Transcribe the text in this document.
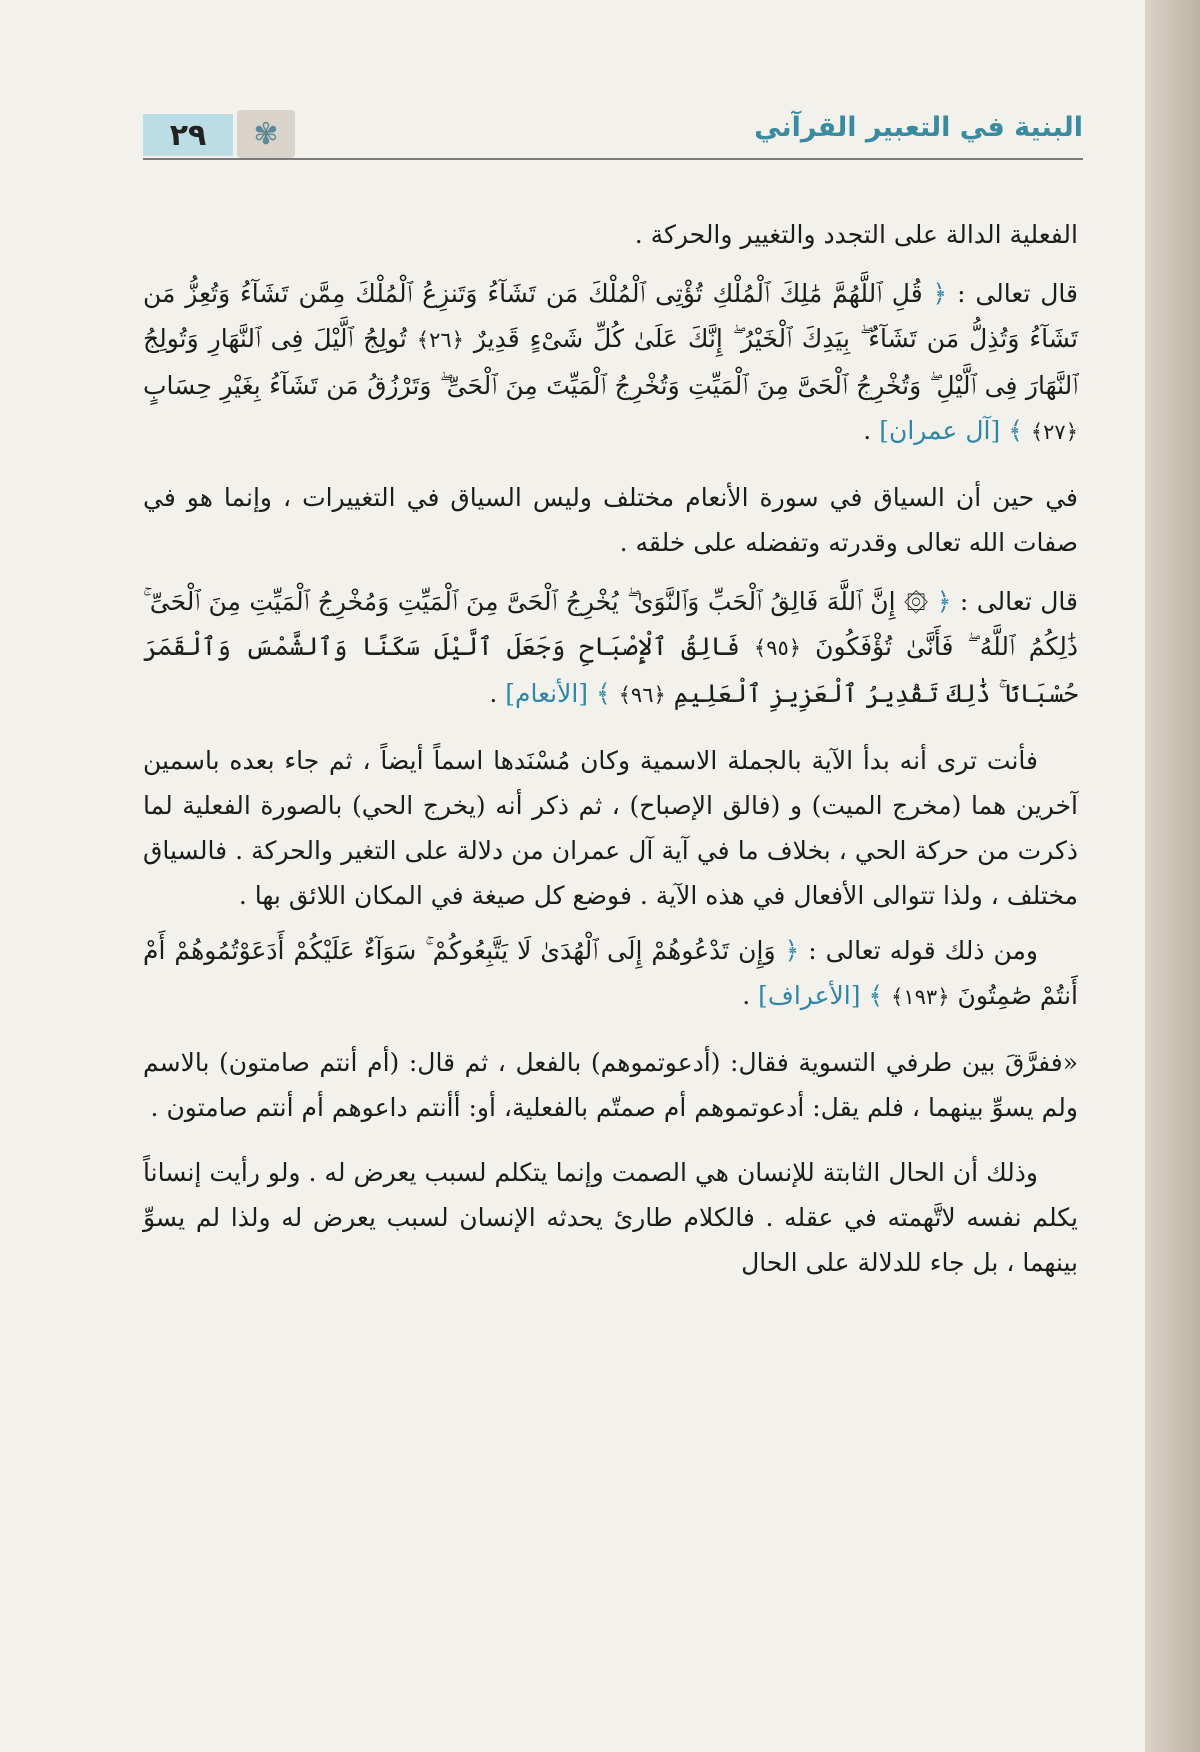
٢٩	✾	البنية في التعبير القرآني

الفعلية الدالة على التجدد والتغيير والحركة .

قال تعالى : ﴿ قُلِ ٱللَّهُمَّ مَٰلِكَ ٱلْمُلْكِ تُؤْتِى ٱلْمُلْكَ مَن تَشَآءُ وَتَنزِعُ ٱلْمُلْكَ مِمَّن تَشَآءُ وَتُعِزُّ مَن تَشَآءُ وَتُذِلُّ مَن تَشَآءُ ۖ بِيَدِكَ ٱلْخَيْرُ ۖ إِنَّكَ عَلَىٰ كُلِّ شَىْءٍ قَدِيرٌ ﴿٢٦﴾ تُولِجُ ٱلَّيْلَ فِى ٱلنَّهَارِ وَتُولِجُ ٱلنَّهَارَ فِى ٱلَّيْلِ ۖ وَتُخْرِجُ ٱلْحَىَّ مِنَ ٱلْمَيِّتِ وَتُخْرِجُ ٱلْمَيِّتَ مِنَ ٱلْحَىِّ ۖ وَتَرْزُقُ مَن تَشَآءُ بِغَيْرِ حِسَابٍ ﴿٢٧﴾ ﴾ [آل عمران] .

في حين أن السياق في سورة الأنعام مختلف وليس السياق في التغييرات ، وإنما هو في صفات الله تعالى وقدرته وتفضله على خلقه .

قال تعالى : ﴿ ۞ إِنَّ ٱللَّهَ فَالِقُ ٱلْحَبِّ وَٱلنَّوَىٰ ۖ يُخْرِجُ ٱلْحَىَّ مِنَ ٱلْمَيِّتِ وَمُخْرِجُ ٱلْمَيِّتِ مِنَ ٱلْحَىِّ ۚ ذَٰلِكُمُ ٱللَّهُ ۖ فَأَنَّىٰ تُؤْفَكُونَ ﴿٩٥﴾ فَالِقُ ٱلْإِصْبَاحِ وَجَعَلَ ٱلَّيْلَ سَكَنًا وَٱلشَّمْسَ وَٱلْقَمَرَ حُسْبَانًا ۚ ذَٰلِكَ تَقْدِيرُ ٱلْعَزِيزِ ٱلْعَلِيمِ ﴿٩٦﴾ ﴾ [الأنعام] .

فأنت ترى أنه بدأ الآية بالجملة الاسمية وكان مُسْنَدها اسماً أيضاً ، ثم جاء بعده باسمين آخرين هما (مخرج الميت) و (فالق الإصباح) ، ثم ذكر أنه (يخرج الحي) بالصورة الفعلية لما ذكرت من حركة الحي ، بخلاف ما في آية آل عمران من دلالة على التغير والحركة . فالسياق مختلف ، ولذا تتوالى الأفعال في هذه الآية . فوضع كل صيغة في المكان اللائق بها .

ومن ذلك قوله تعالى : ﴿ وَإِن تَدْعُوهُمْ إِلَى ٱلْهُدَىٰ لَا يَتَّبِعُوكُمْ ۚ سَوَآءٌ عَلَيْكُمْ أَدَعَوْتُمُوهُمْ أَمْ أَنتُمْ صَٰمِتُونَ ﴿١٩٣﴾ ﴾ [الأعراف] .

«ففرَّقَ بين طرفي التسوية فقال: (أدعوتموهم) بالفعل ، ثم قال: (أم أنتم صامتون) بالاسم ولم يسوِّ بينهما ، فلم يقل: أدعوتموهم أم صمتّم بالفعلية، أو: أأنتم داعوهم أم أنتم صامتون .

وذلك أن الحال الثابتة للإنسان هي الصمت وإنما يتكلم لسبب يعرض له . ولو رأيت إنساناً يكلم نفسه لاتَّهمته في عقله . فالكلام طارئ يحدثه الإنسان لسبب يعرض له ولذا لم يسوِّ بينهما ، بل جاء للدلالة على الحال
